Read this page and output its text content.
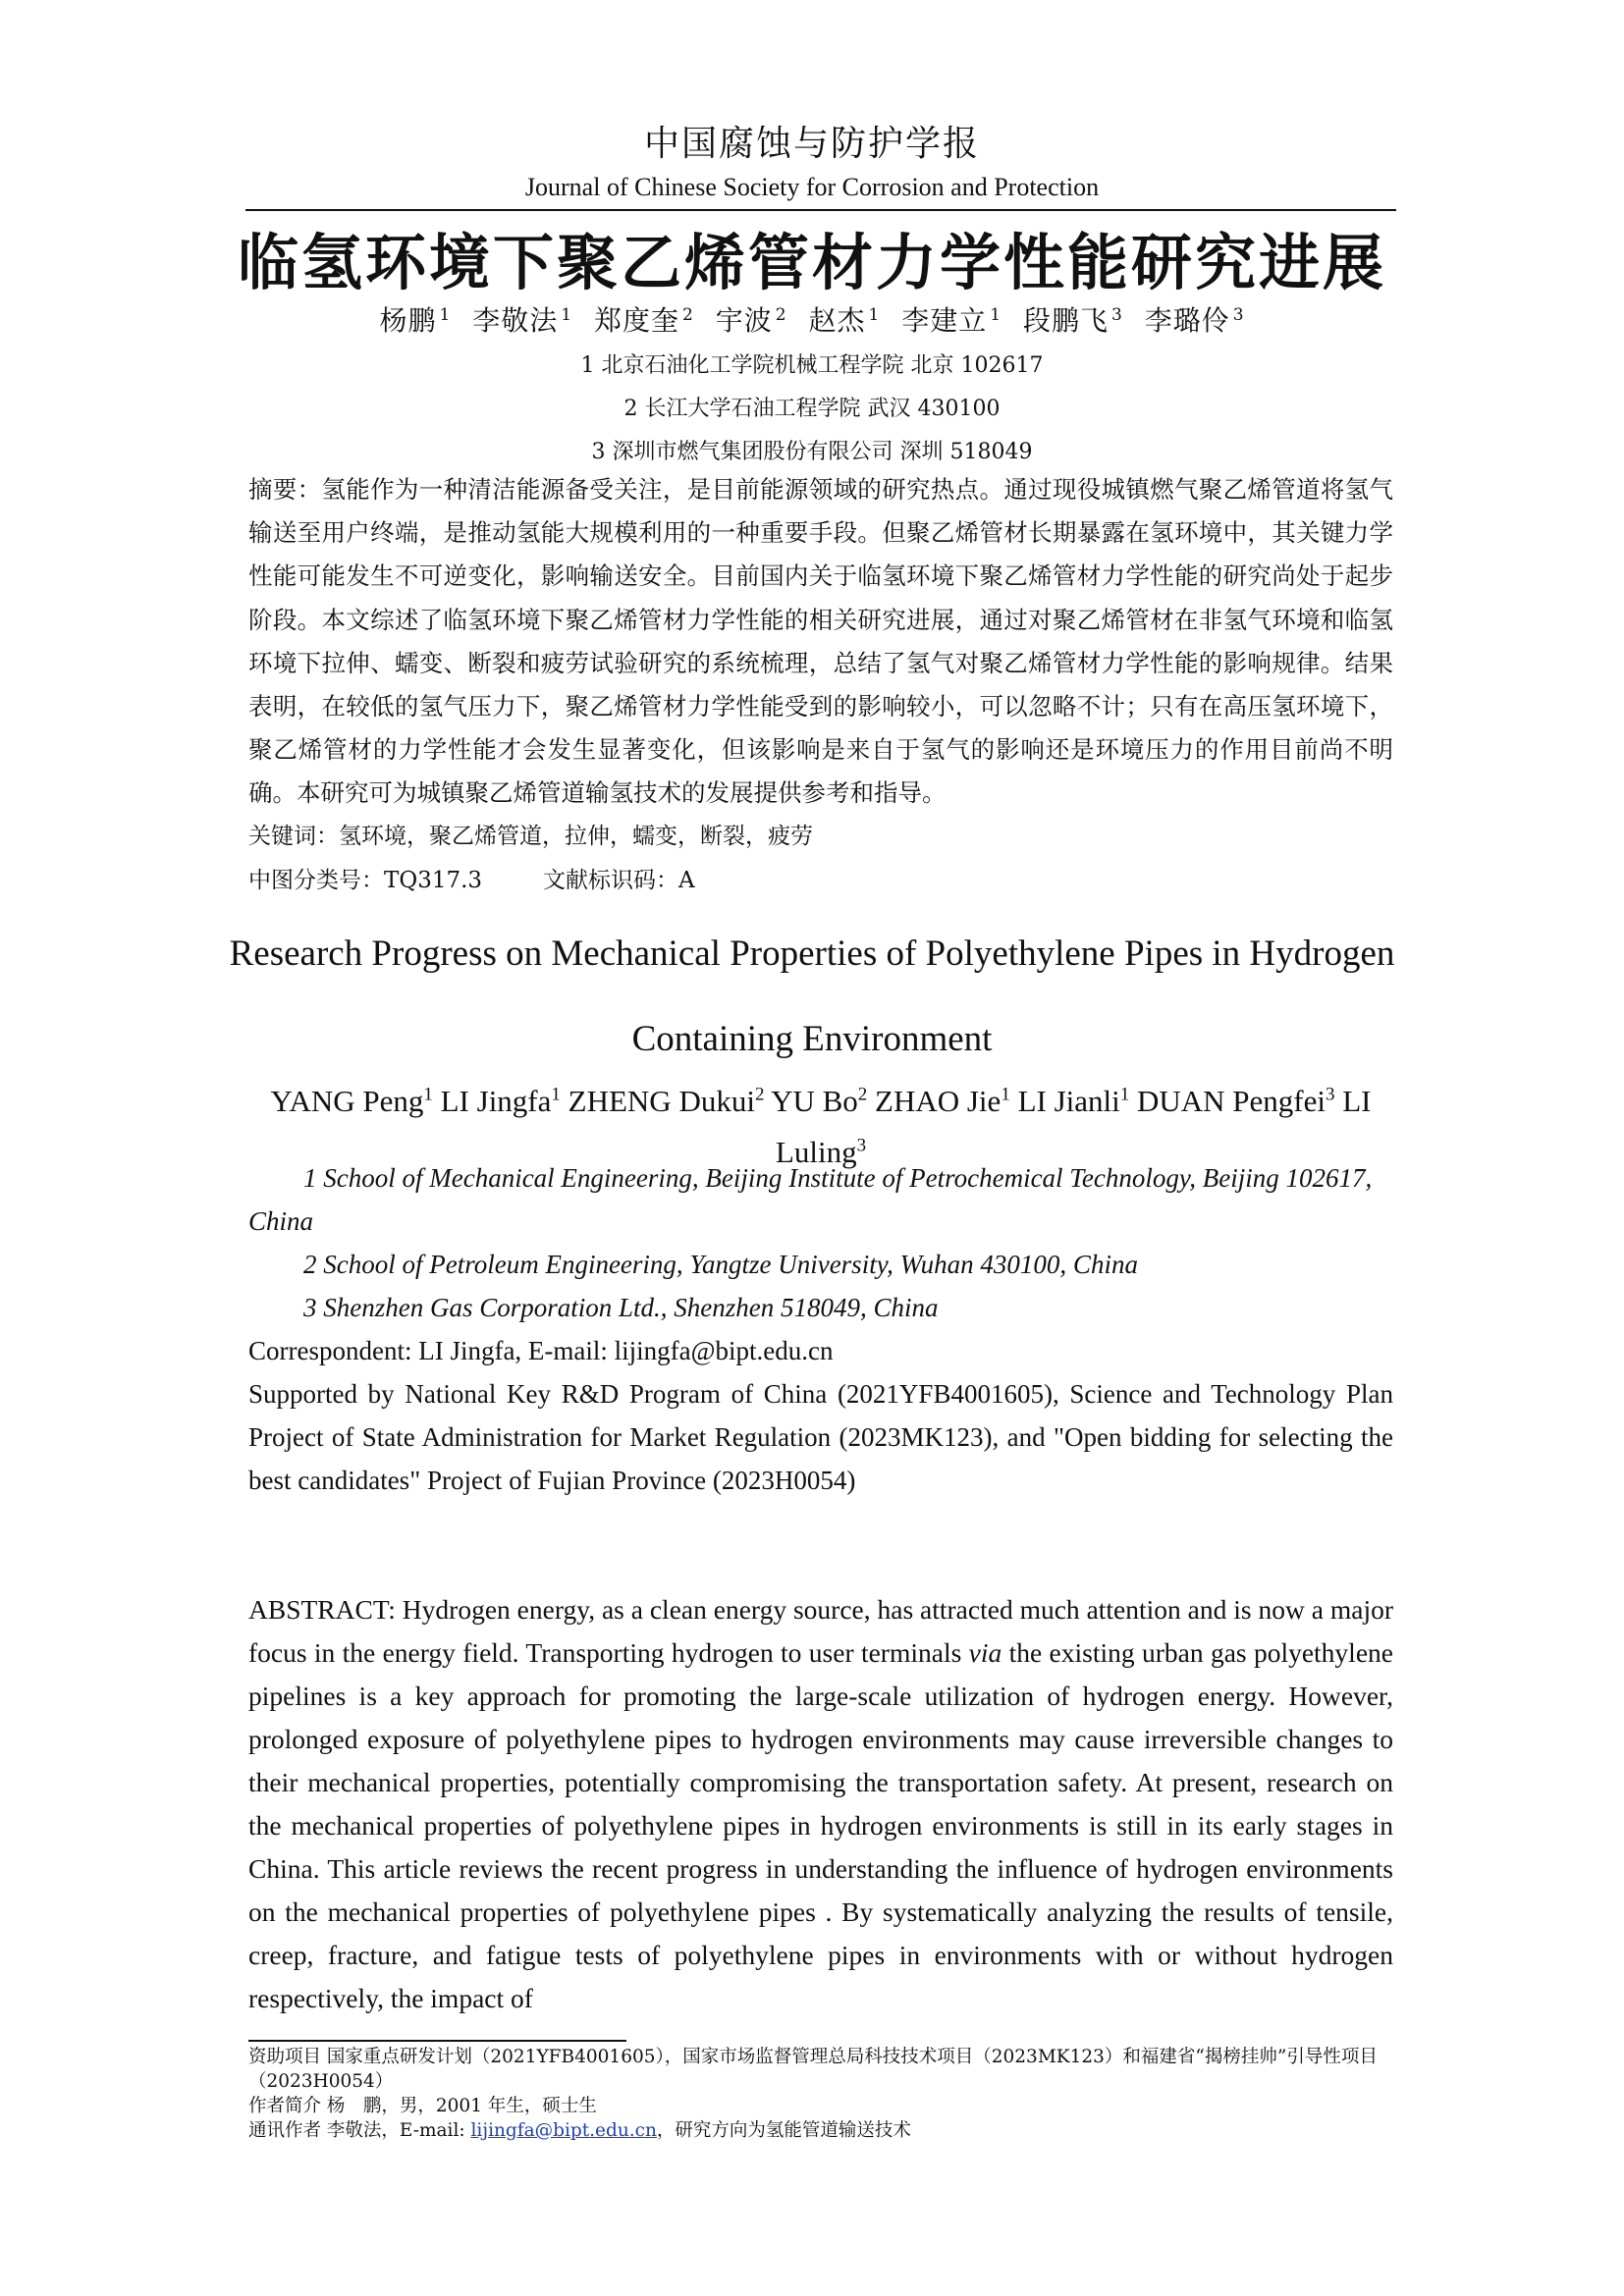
中国腐蚀与防护学报
Journal of Chinese Society for Corrosion and Protection
临氢环境下聚乙烯管材力学性能研究进展
杨鹏 $^1$ 李敬法 $^1$ 郑度奎 $^2$ 宇波 $^2$ 赵杰 $^1$ 李建立 $^1$ 段鹏飞 $^3$ 李璐伶 $^3$
1 北京石油化工学院机械工程学院 北京 102617
2 长江大学石油工程学院 武汉 430100
3 深圳市燃气集团股份有限公司 深圳 518049
摘要：氢能作为一种清洁能源备受关注，是目前能源领域的研究热点。通过现役城镇燃气聚乙烯管道将氢气输送至用户终端，是推动氢能大规模利用的一种重要手段。但聚乙烯管材长期暴露在氢环境中，其关键力学性能可能发生不可逆变化，影响输送安全。目前国内关于临氢环境下聚乙烯管材力学性能的研究尚处于起步阶段。本文综述了临氢环境下聚乙烯管材力学性能的相关研究进展，通过对聚乙烯管材在非氢气环境和临氢环境下拉伸、蠕变、断裂和疲劳试验研究的系统梳理，总结了氢气对聚乙烯管材力学性能的影响规律。结果表明，在较低的氢气压力下，聚乙烯管材力学性能受到的影响较小，可以忽略不计；只有在高压氢环境下，聚乙烯管材的力学性能才会发生显著变化，但该影响是来自于氢气的影响还是环境压力的作用目前尚不明确。本研究可为城镇聚乙烯管道输氢技术的发展提供参考和指导。
关键词：氢环境，聚乙烯管道，拉伸，蠕变，断裂，疲劳
中图分类号：TQ317.3	文献标识码：A
Research Progress on Mechanical Properties of Polyethylene Pipes in Hydrogen Containing Environment
YANG Peng$^1$ LI Jingfa$^1$ ZHENG Dukui$^2$ YU Bo$^2$ ZHAO Jie$^1$ LI Jianli$^1$ DUAN Pengfei$^3$ LI Luling$^3$
1 School of Mechanical Engineering, Beijing Institute of Petrochemical Technology, Beijing 102617, China
2 School of Petroleum Engineering, Yangtze University, Wuhan 430100, China
3 Shenzhen Gas Corporation Ltd., Shenzhen 518049, China
Correspondent: LI Jingfa, E-mail: lijingfa@bipt.edu.cn
Supported by National Key R&D Program of China (2021YFB4001605), Science and Technology Plan Project of State Administration for Market Regulation (2023MK123), and "Open bidding for selecting the best candidates" Project of Fujian Province (2023H0054)
ABSTRACT: Hydrogen energy, as a clean energy source, has attracted much attention and is now a major focus in the energy field. Transporting hydrogen to user terminals via the existing urban gas polyethylene pipelines is a key approach for promoting the large-scale utilization of hydrogen energy. However, prolonged exposure of polyethylene pipes to hydrogen environments may cause irreversible changes to their mechanical properties, potentially compromising the transportation safety. At present, research on the mechanical properties of polyethylene pipes in hydrogen environments is still in its early stages in China. This article reviews the recent progress in understanding the influence of hydrogen environments on the mechanical properties of polyethylene pipes . By systematically analyzing the results of tensile, creep, fracture, and fatigue tests of polyethylene pipes in environments with or without hydrogen respectively, the impact of
资助项目 国家重点研发计划（2021YFB4001605），国家市场监督管理总局科技技术项目（2023MK123）和福建省“揭榜挂帅”引导性项目（2023H0054）
作者简介 杨　鹏，男，2001 年生，硕士生
通讯作者 李敬法，E-mail: lijingfa@bipt.edu.cn，研究方向为氢能管道输送技术
